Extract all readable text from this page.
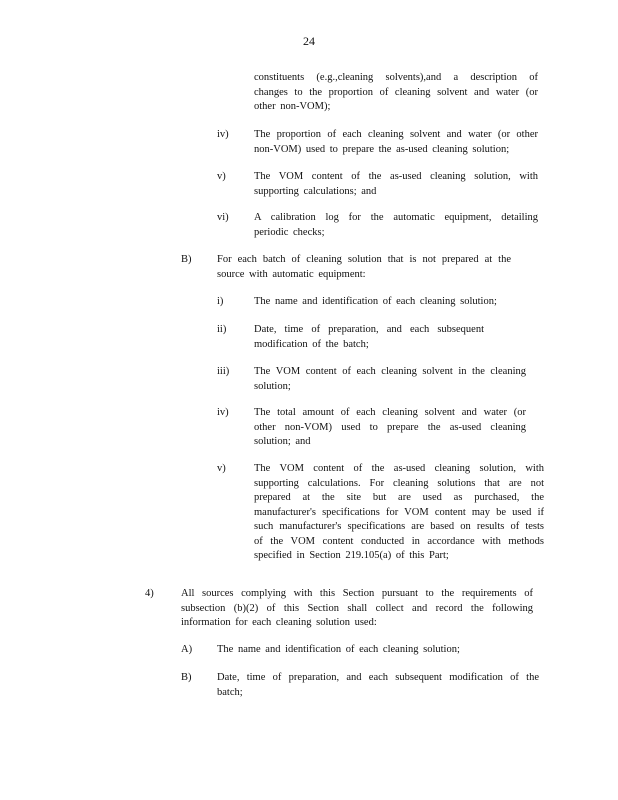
24

constituents (e.g.,cleaning solvents),and a description of changes to the proportion of cleaning solvent and water (or other non-VOM);

iv) The proportion of each cleaning solvent and water (or other non-VOM) used to prepare the as-used cleaning solution;

v)	The VOM content of the as-used cleaning solution, with supporting calculations; and

vi) A calibration log for the automatic equipment, detailing periodic checks;

B) For each batch of cleaning solution that is not prepared at the source with automatic equipment:

i)	The name and identification of each cleaning solution;

ii)	Date, time of preparation, and each subsequent modification of the batch;

iii) The VOM content of each cleaning solvent in the cleaning solution;

iv) The total amount of each cleaning solvent and water (or other non-VOM) used to prepare the as-used cleaning solution; and

v)	The VOM content of the as-used cleaning solution, with supporting calculations. For cleaning solutions that are not prepared at the site but are used as purchased, the manufacturer's specifications for VOM content may be used if such manufacturer's specifications are based on results of tests of the VOM content conducted in accordance with methods specified in Section 219.105(a) of this Part;

4)	All sources complying with this Section pursuant to the requirements of subsection (b)(2) of this Section shall collect and record the following information for each cleaning solution used:

A) The name and identification of each cleaning solution;

B) Date, time of preparation, and each subsequent modification of the batch;
